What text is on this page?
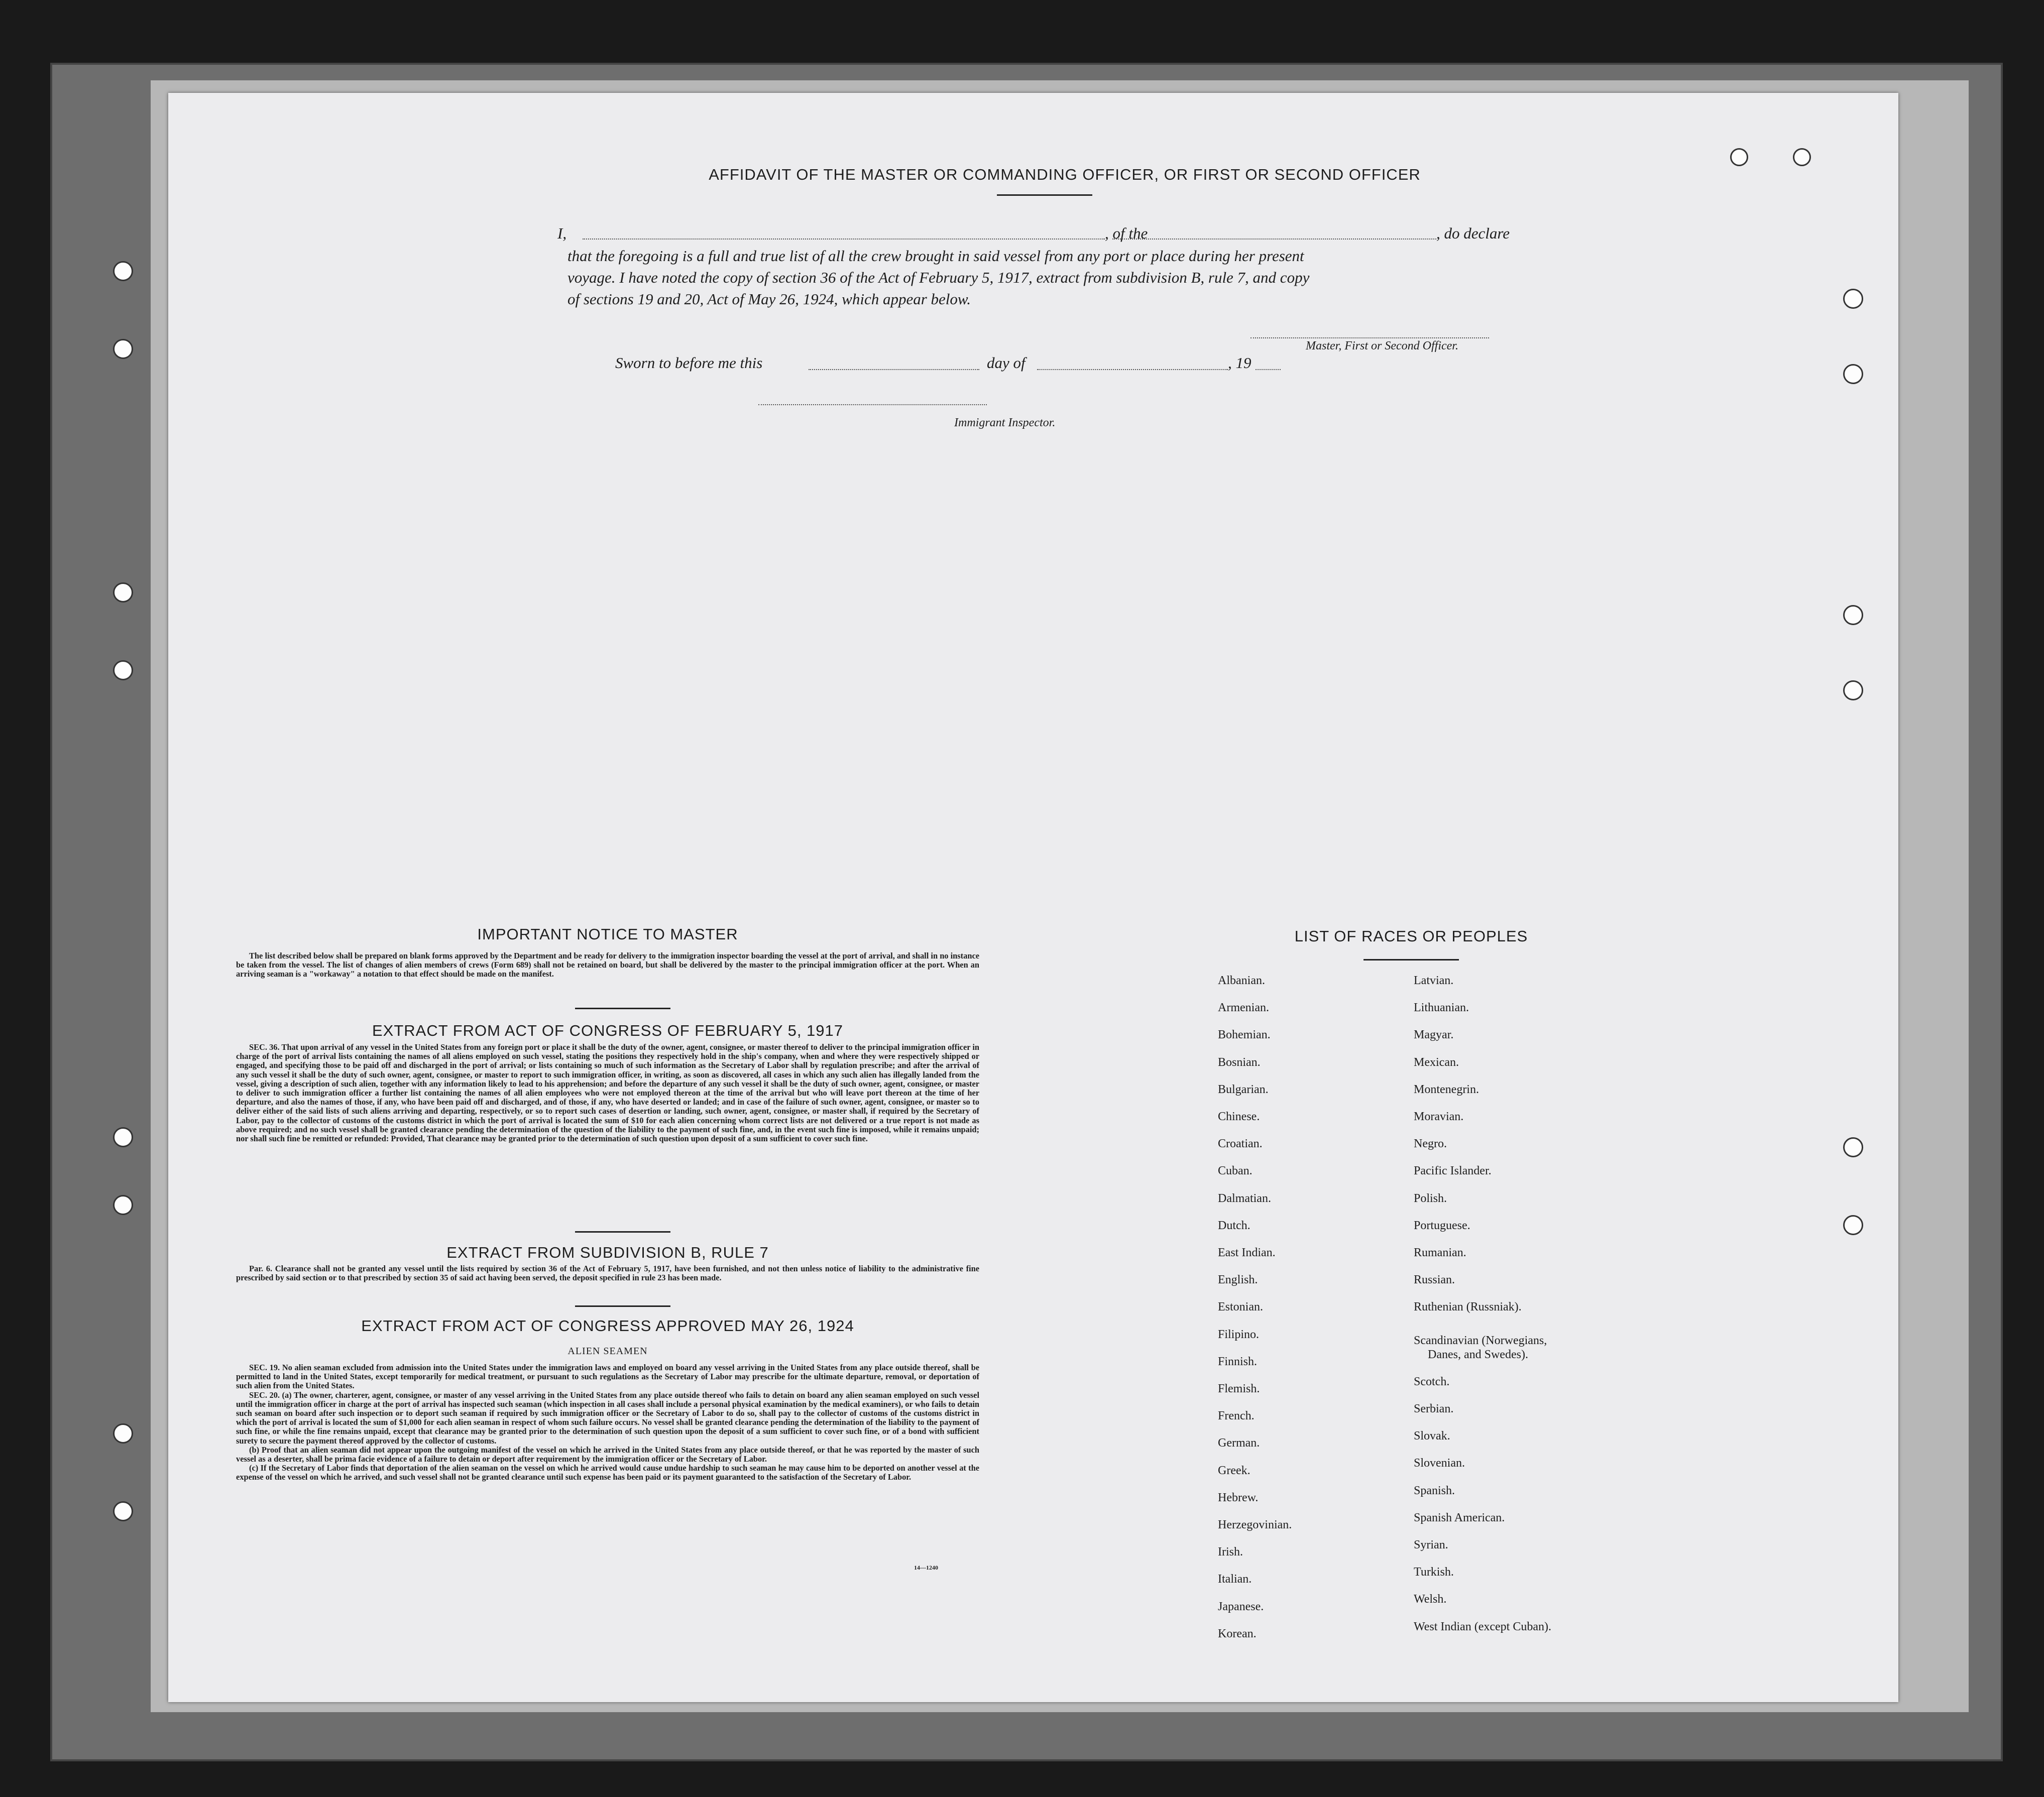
AFFIDAVIT OF THE MASTER OR COMMANDING OFFICER, OR FIRST OR SECOND OFFICER
I,	, of the	, do declare
that the foregoing is a full and true list of all the crew brought in said vessel from any port or place during her present
voyage. I have noted the copy of section 36 of the Act of February 5, 1917, extract from subdivision B, rule 7, and copy
of sections 19 and 20, Act of May 26, 1924, which appear below.
Master, First or Second Officer.
Sworn to before me this	day of	, 19
Immigrant Inspector.
IMPORTANT NOTICE TO MASTER

The list described below shall be prepared on blank forms approved by the Department and be ready for delivery to the immigration inspector boarding the vessel at the port of arrival, and shall in no instance be taken from the vessel. The list of changes of alien members of crews (Form 689) shall not be retained on board, but shall be delivered by the master to the principal immigration officer at the port. When an arriving seaman is a "workaway" a notation to that effect should be made on the manifest.

EXTRACT FROM ACT OF CONGRESS OF FEBRUARY 5, 1917

SEC. 36. That upon arrival of any vessel in the United States from any foreign port or place it shall be the duty of the owner, agent, consignee, or master thereof to deliver to the principal immigration officer in charge of the port of arrival lists containing the names of all aliens employed on such vessel, stating the positions they respectively hold in the ship's company, when and where they were respectively shipped or engaged, and specifying those to be paid off and discharged in the port of arrival; or lists containing so much of such information as the Secretary of Labor shall by regulation prescribe; and after the arrival of any such vessel it shall be the duty of such owner, agent, consignee, or master to report to such immigration officer, in writing, as soon as discovered, all cases in which any such alien has illegally landed from the vessel, giving a description of such alien, together with any information likely to lead to his apprehension; and before the departure of any such vessel it shall be the duty of such owner, agent, consignee, or master to deliver to such immigration officer a further list containing the names of all alien employees who were not employed thereon at the time of the arrival but who will leave port thereon at the time of her departure, and also the names of those, if any, who have been paid off and discharged, and of those, if any, who have deserted or landed; and in case of the failure of such owner, agent, consignee, or master so to deliver either of the said lists of such aliens arriving and departing, respectively, or so to report such cases of desertion or landing, such owner, agent, consignee, or master shall, if required by the Secretary of Labor, pay to the collector of customs of the customs district in which the port of arrival is located the sum of $10 for each alien concerning whom correct lists are not delivered or a true report is not made as above required; and no such vessel shall be granted clearance pending the determination of the question of the liability to the payment of such fine, and, in the event such fine is imposed, while it remains unpaid; nor shall such fine be remitted or refunded: Provided, That clearance may be granted prior to the determination of such question upon deposit of a sum sufficient to cover such fine.

EXTRACT FROM SUBDIVISION B, RULE 7

Par. 6. Clearance shall not be granted any vessel until the lists required by section 36 of the Act of February 5, 1917, have been furnished, and not then unless notice of liability to the administrative fine prescribed by said section or to that prescribed by section 35 of said act having been served, the deposit specified in rule 23 has been made.

EXTRACT FROM ACT OF CONGRESS APPROVED MAY 26, 1924
ALIEN SEAMEN

SEC. 19. No alien seaman excluded from admission into the United States under the immigration laws and employed on board any vessel arriving in the United States from any place outside thereof, shall be permitted to land in the United States, except temporarily for medical treatment, or pursuant to such regulations as the Secretary of Labor may prescribe for the ultimate departure, removal, or deportation of such alien from the United States.

SEC. 20. (a) The owner, charterer, agent, consignee, or master of any vessel arriving in the United States from any place outside thereof who fails to detain on board any alien seaman employed on such vessel until the immigration officer in charge at the port of arrival has inspected such seaman (which inspection in all cases shall include a personal physical examination by the medical examiners), or who fails to detain such seaman on board after such inspection or to deport such seaman if required by such immigration officer or the Secretary of Labor to do so, shall pay to the collector of customs of the customs district in which the port of arrival is located the sum of $1,000 for each alien seaman in respect of whom such failure occurs. No vessel shall be granted clearance pending the determination of the liability to the payment of such fine, or while the fine remains unpaid, except that clearance may be granted prior to the determination of such question upon the deposit of a sum sufficient to cover such fine, or of a bond with sufficient surety to secure the payment thereof approved by the collector of customs.

(b) Proof that an alien seaman did not appear upon the outgoing manifest of the vessel on which he arrived in the United States from any place outside thereof, or that he was reported by the master of such vessel as a deserter, shall be prima facie evidence of a failure to detain or deport after requirement by the immigration officer or the Secretary of Labor.

(c) If the Secretary of Labor finds that deportation of the alien seaman on the vessel on which he arrived would cause undue hardship to such seaman he may cause him to be deported on another vessel at the expense of the vessel on which he arrived, and such vessel shall not be granted clearance until such expense has been paid or its payment guaranteed to the satisfaction of the Secretary of Labor.

14—1240
LIST OF RACES OR PEOPLES
Albanian.
Armenian.
Bohemian.
Bosnian.
Bulgarian.
Chinese.
Croatian.
Cuban.
Dalmatian.
Dutch.
East Indian.
English.
Estonian.
Filipino.
Finnish.
Flemish.
French.
German.
Greek.
Hebrew.
Herzegovinian.
Irish.
Italian.
Japanese.
Korean.
Latvian.
Lithuanian.
Magyar.
Mexican.
Montenegrin.
Moravian.
Negro.
Pacific Islander.
Polish.
Portuguese.
Rumanian.
Russian.
Ruthenian (Russniak).
Scandinavian (Norwegians,
Danes, and Swedes).
Scotch.
Serbian.
Slovak.
Slovenian.
Spanish.
Spanish American.
Syrian.
Turkish.
Welsh.
West Indian (except Cuban).
